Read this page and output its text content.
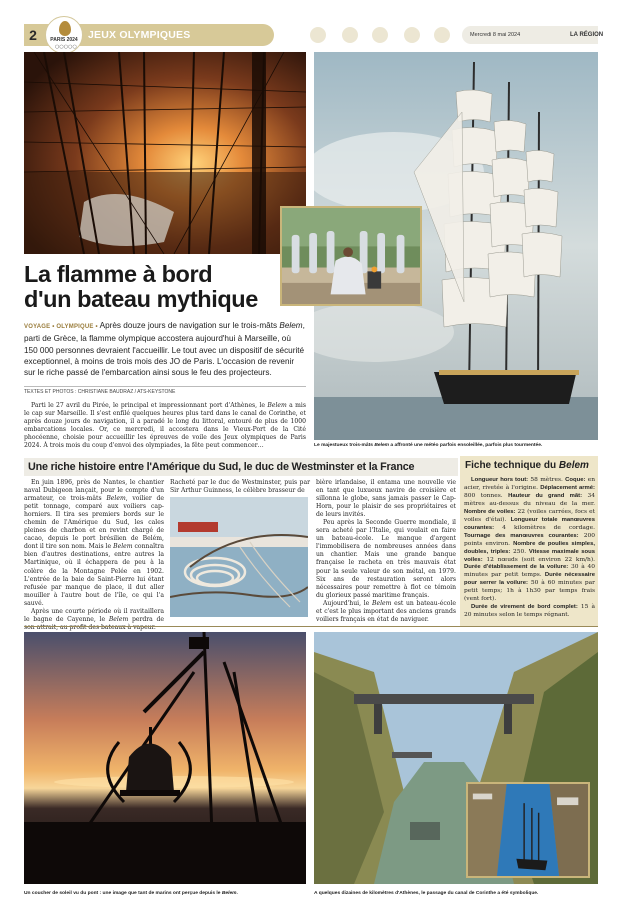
2	PARIS 2024
○○○○○
JEUX OLYMPIQUES	Mercredi 8 mai 2024	LA RÉGION
La flamme à bord
d'un bateau mythique
VOYAGE • OLYMPIQUE • Après douze jours de navigation sur le trois-mâts Belem, parti de Grèce, la flamme olympique accostera aujourd'hui à Marseille, où 150 000 personnes devraient l'accueillir. Le tout avec un dispositif de sécurité exceptionnel, à moins de trois mois des JO de Paris. L'occasion de revenir sur le riche passé de l'embarcation ainsi sous le feu des projecteurs.
TEXTES ET PHOTOS : CHRISTIANE BAUDRAZ / ATS-KEYSTONE

Parti le 27 avril du Pirée, le principal et impressionnant port d'Athènes, le Belem a mis le cap sur Marseille. Il s'est enfilé quelques heures plus tard dans le canal de Corinthe, et après douze jours de navigation, il a paradé le long du littoral, entouré de plus de 1000 embarcations locales. Or, ce mercredi, il accostera dans le Vieux-Port de la Cité phocéenne, choisie pour accueillir les épreuves de voile des Jeux olympiques de Paris 2024. À trois mois du coup d'envoi des olympiades, la fête peut commencer…	Le majestueux trois-mâts Belem a affronté une météo parfois ensoleillée, parfois plus tourmentée.
Une riche histoire entre l'Amérique du Sud, le duc de Westminster et la France

En juin 1896, près de Nantes, le chantier naval Dubigeon lançait, pour le compte d'un armateur, ce trois-mâts Belem, voilier de petit tonnage, comparé aux voiliers cap-horniers. Il tira ses premiers bords sur le chemin de l'Amérique du Sud, les cales pleines de charbon et en revint chargé de cacao, depuis le port brésilien de Belém, dont il tire son nom. Mais le Belem connaîtra bien d'autres destinations, entre autres la Martinique, où il échappera de peu à la colère de la Montagne Pelée en 1902. L'entrée de la baie de Saint-Pierre lui étant refusée par manque de place, il dut aller mouiller à l'autre bout de l'île, ce qui l'a sauvé.

Après une courte période où il ravitaillera le bagne de Cayenne, le Belem perdra de son attrait, au profit des bateaux à vapeur.

Racheté par le duc de Westminster, puis par Sir Arthur Guinness, le célèbre brasseur de

bière irlandaise, il entama une nouvelle vie en tant que luxueux navire de croisière et sillonna le globe, sans jamais passer le Cap-Horn, pour le plaisir de ses propriétaires et de leurs invités.

Peu après la Seconde Guerre mondiale, il sera acheté par l'Italie, qui voulait en faire un bateau-école. Le manque d'argent l'immobilisera de nombreuses années dans un chantier. Mais une grande banque française le racheta en très mauvais état pour la seule valeur de son métal, en 1979. Six ans de restauration seront alors nécessaires pour remettre à flot ce témoin du glorieux passé maritime français.

Aujourd'hui, le Belem est un bateau-école et c'est le plus important des anciens grands voiliers français en état de naviguer.

Fiche technique du Belem

Longueur hors tout: 58 mètres. Coque: en acier, rivetée à l'origine. Déplacement armé: 800 tonnes. Hauteur du grand mât: 34 mètres au-dessus du niveau de la mer. Nombre de voiles: 22 (voiles carrées, focs et voiles d'étai). Longueur totale manœuvres courantes: 4 kilomètres de cordage. Tournage des manœuvres courantes: 200 points environ. Nombre de poulies simples, doubles, triples: 250. Vitesse maximale sous voiles: 12 nœuds (soit environ 22 km/h). Durée d'établissement de la voilure: 30 à 40 minutes par petit temps. Durée nécessaire pour serrer la voilure: 50 à 60 minutes par petit temps; 1h à 1h30 par temps frais (vent fort).

Durée de virement de bord complet: 15 à 20 minutes selon le temps régnant.

Un coucher de soleil vu du pont : une image que tant de marins ont perçue depuis le Belem.	A quelques dizaines de kilomètres d'Athènes, le passage du canal de Corinthe a été symbolique.
